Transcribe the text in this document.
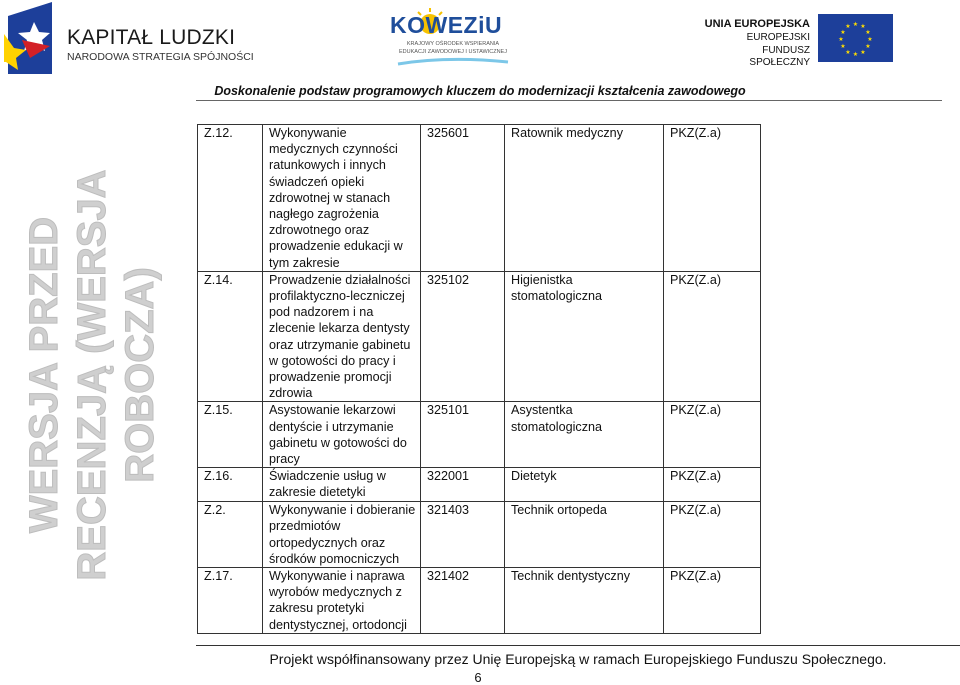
KAPITAŁ LUDZKI
NARODOWA STRATEGIA SPÓJNOŚCI
KOWEZiU
KRAJOWY OŚRODEK WSPIERANIA
EDUKACJI ZAWODOWEJ I USTAWICZNEJ
UNIA EUROPEJSKA
EUROPEJSKI
FUNDUSZ SPOŁECZNY
★ ★
★
★
★
★
★
★
★
★
★
★
Doskonalenie podstaw programowych kluczem do modernizacji kształcenia zawodowego
Z.12.	Wykonywanie medycznych czynności ratunkowych i innych świadczeń opieki zdrowotnej w stanach nagłego zagrożenia zdrowotnego oraz prowadzenie edukacji w tym zakresie	325601	Ratownik medyczny	PKZ(Z.a)
Z.14.	Prowadzenie działalności profilaktyczno-leczniczej pod nadzorem i na zlecenie lekarza dentysty oraz utrzymanie gabinetu w gotowości do pracy i prowadzenie promocji zdrowia	325102	Higienistka stomatologiczna	PKZ(Z.a)
Z.15.	Asystowanie lekarzowi dentyście i utrzymanie gabinetu w gotowości do pracy	325101	Asystentka stomatologiczna	PKZ(Z.a)
Z.16.	Świadczenie usług w zakresie dietetyki	322001	Dietetyk	PKZ(Z.a)
Z.2.	Wykonywanie i dobieranie przedmiotów ortopedycznych oraz środków pomocniczych	321403	Technik ortopeda	PKZ(Z.a)
Z.17.	Wykonywanie i naprawa wyrobów medycznych z zakresu protetyki dentystycznej, ortodoncji	321402	Technik dentystyczny	PKZ(Z.a)
WERSJA PRZED RECENZJĄ (WERSJA ROBOCZA)
Projekt współfinansowany przez Unię Europejską w ramach Europejskiego Funduszu Społecznego.
6
